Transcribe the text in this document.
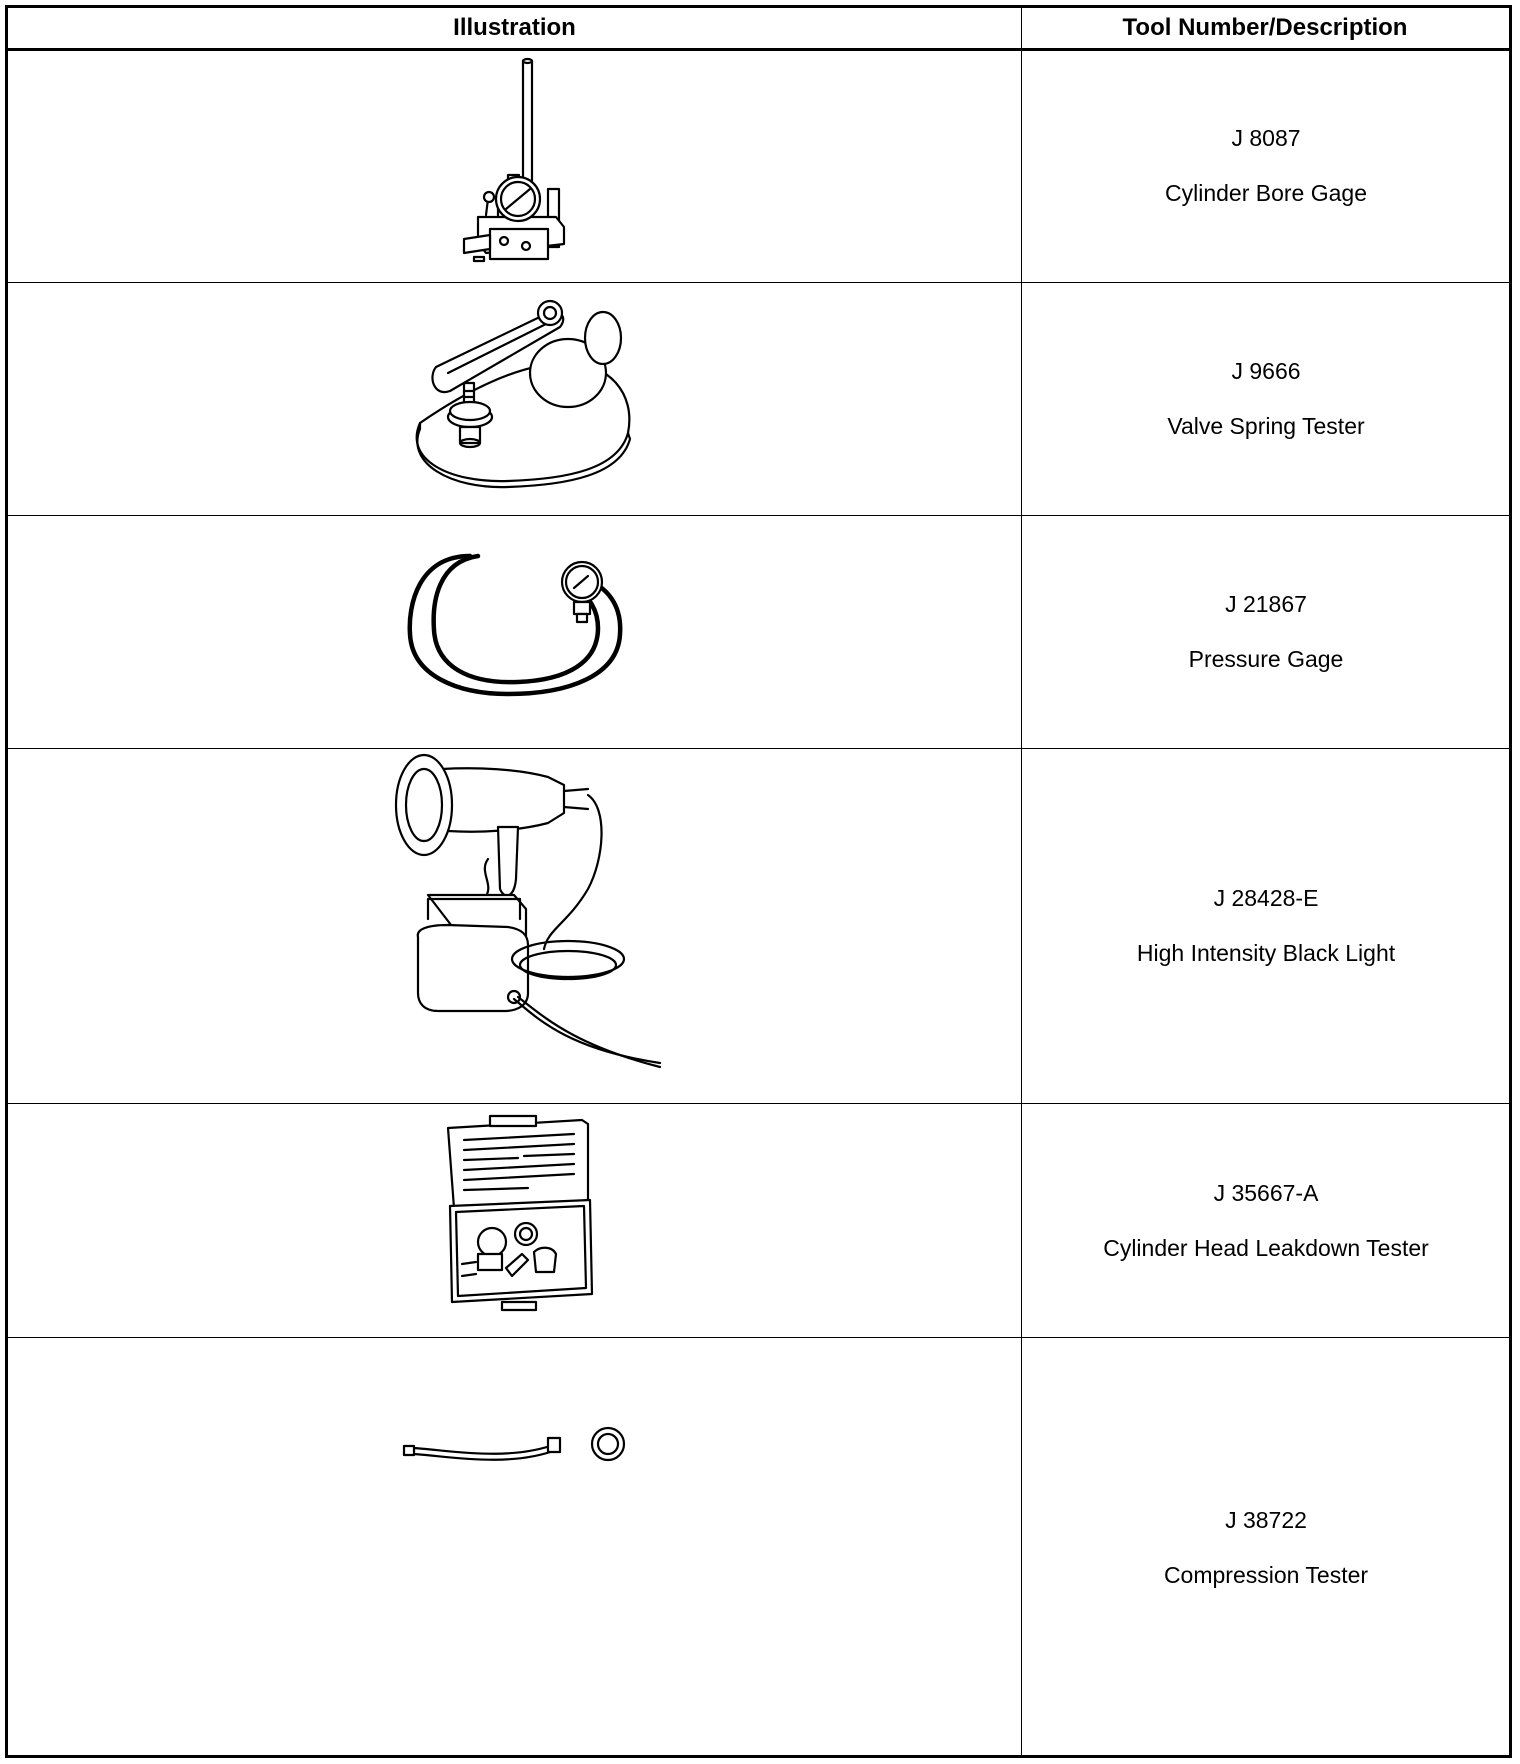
Illustration	Tool Number/Description
J 8087
Cylinder Bore Gage
J 9666
Valve Spring Tester
J 21867
Pressure Gage
J 28428-E
High Intensity Black Light
J 35667-A
Cylinder Head Leakdown Tester
J 38722
Compression Tester
